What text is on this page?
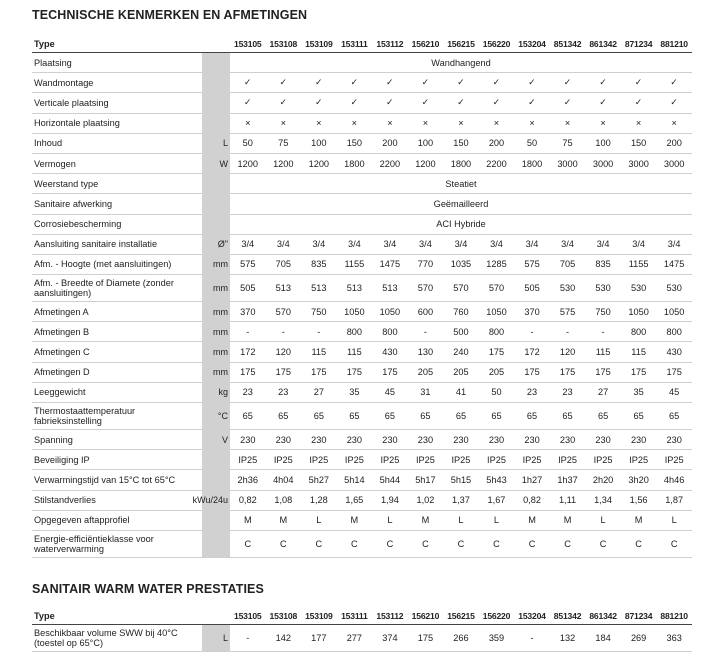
TECHNISCHE KENMERKEN EN AFMETINGEN
Type	153105 153108 153109 153111	153112 156210 156215 156220 153204 851342 861342 871234 881210
Plaatsing	Wandhangend
Wandmontage	✓	✓	✓	✓	✓	✓	✓	✓	✓	✓	✓	✓	✓
Verticale plaatsing	✓	✓	✓	✓	✓	✓	✓	✓	✓	✓	✓	✓	✓
Horizontale plaatsing	×	×	×	×	×	×	×	×	×	×	×	×	×
Inhoud	L	50	75	100	150	200	100	150	200	50	75	100	150	200
Vermogen	W	1200	1200	1200	1800	2200	1200	1800	2200	1800	3000	3000	3000	3000
Weerstand type	Steatiet
Sanitaire afwerking	Geëmailleerd
Corrosiebescherming	ACI Hybride
Aansluiting sanitaire installatie	Ø"	3/4	3/4	3/4	3/4	3/4	3/4	3/4	3/4	3/4	3/4	3/4	3/4	3/4
Afm. - Hoogte (met aansluitingen)	mm	575	705	835	1155	1475	770	1035	1285	575	705	835	1155	1475
Afm. - Breedte of Diamete (zonder aansluitingen)	mm	505	513	513	513	513	570	570	570	505	530	530	530	530
Afmetingen A	mm	370	570	750	1050	1050	600	760	1050	370	575	750	1050	1050
Afmetingen B	mm	-	-	-	800	800	-	500	800	-	-	-	800	800
Afmetingen C	mm	172	120	115	115	430	130	240	175	172	120	115	115	430
Afmetingen D	mm	175	175	175	175	175	205	205	205	175	175	175	175	175
Leeggewicht	kg	23	23	27	35	45	31	41	50	23	23	27	35	45
Thermostaattemperatuur fabrieksinstelling	°C	65	65	65	65	65	65	65	65	65	65	65	65	65
Spanning	V	230	230	230	230	230	230	230	230	230	230	230	230	230
Beveiliging IP	IP25	IP25	IP25	IP25	IP25	IP25	IP25	IP25	IP25	IP25	IP25	IP25	IP25
Verwarmingstijd van 15°C tot 65°C	2h36	4h04	5h27	5h14	5h44	5h17	5h15	5h43	1h27	1h37	2h20	3h20	4h46
Stilstandverlies	kWu/24u	0,82	1,08	1,28	1,65	1,94	1,02	1,37	1,67	0,82	1,11	1,34	1,56	1,87
Opgegeven aftapprofiel	M	M	L	M	L	M	L	L	M	M	L	M	L
Energie-efficiëntieklasse voor waterverwarming	C	C	C	C	C	C	C	C	C	C	C	C	C
SANITAIR WARM WATER PRESTATIES
Type	153105 153108 153109 153111	153112 156210 156215 156220 153204 851342 861342 871234 881210
Beschikbaar volume SWW bij 40°C (toestel op 65°C)	L	-	142	177	277	374	175	266	359	-	132	184	269	363
